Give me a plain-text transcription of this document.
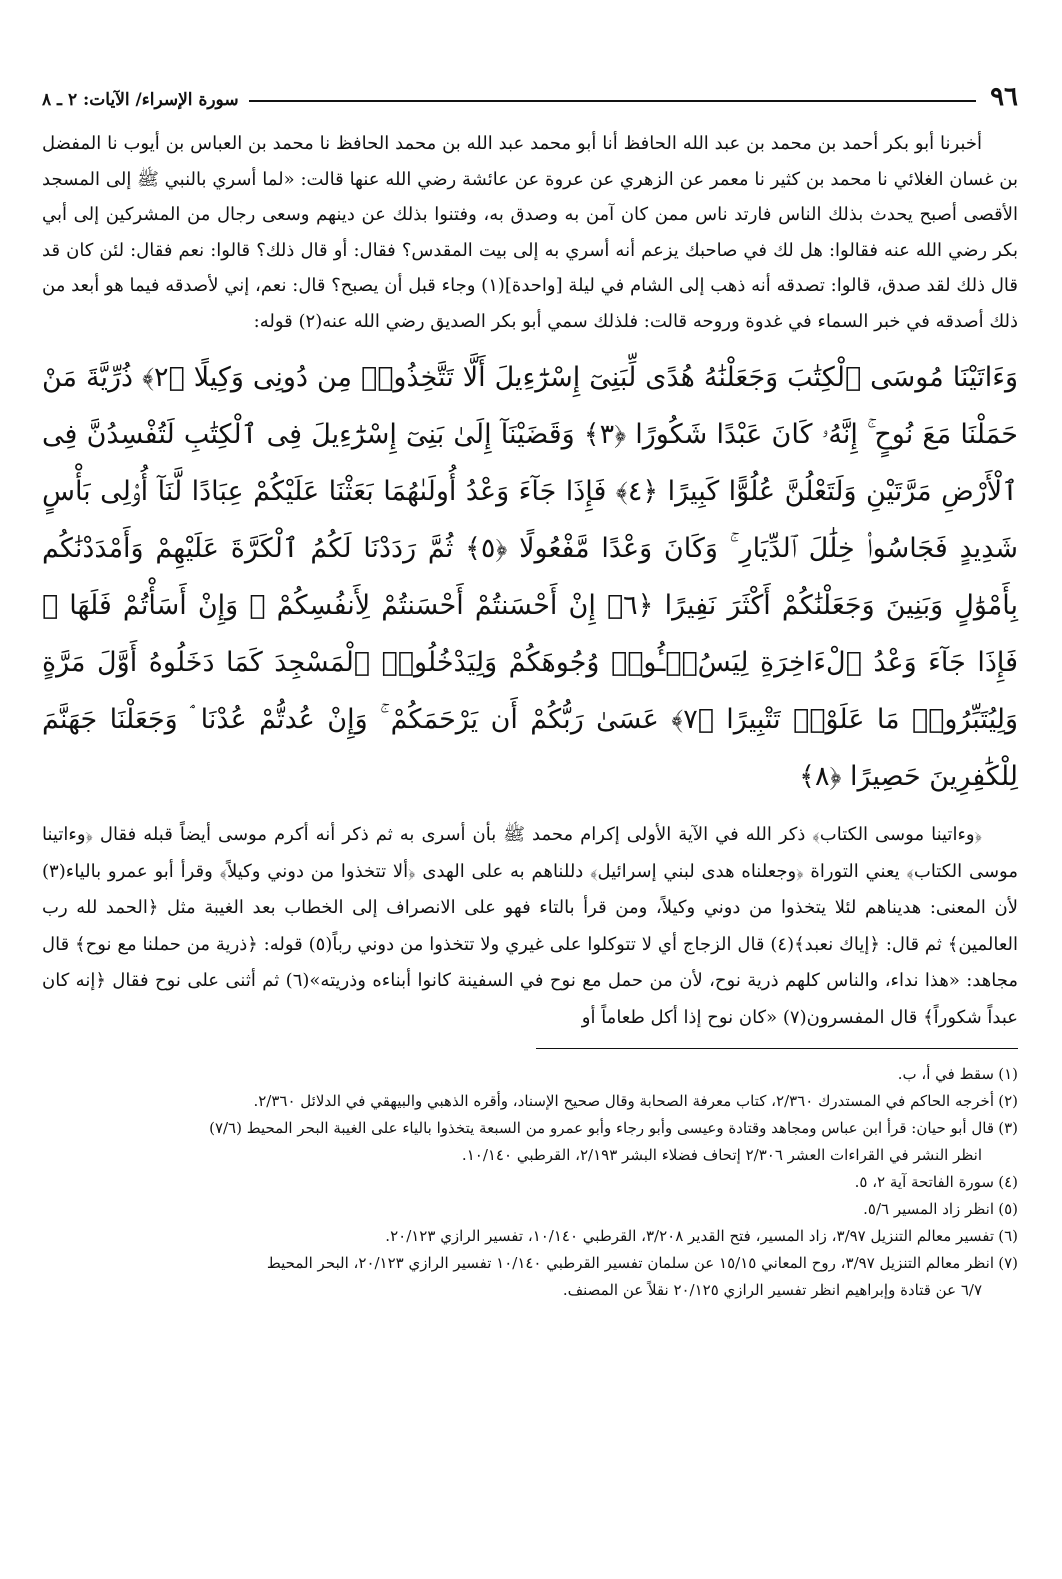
٩٦
سورة الإسراء/ الآيات: ٢ ـ ٨

أخبرنا أبو بكر أحمد بن محمد بن عبد الله الحافظ أنا أبو محمد عبد الله بن محمد الحافظ نا محمد بن العباس بن أيوب نا المفضل بن غسان الغلائي نا محمد بن كثير نا معمر عن الزهري عن عروة عن عائشة رضي الله عنها قالت: «لما أسري بالنبي ﷺ إلى المسجد الأقصى أصبح يحدث بذلك الناس فارتد ناس ممن كان آمن به وصدق به، وفتنوا بذلك عن دينهم وسعى رجال من المشركين إلى أبي بكر رضي الله عنه فقالوا: هل لك في صاحبك يزعم أنه أسري به إلى بيت المقدس؟ فقال: أو قال ذلك؟ قالوا: نعم فقال: لئن كان قد قال ذلك لقد صدق، قالوا: تصدقه أنه ذهب إلى الشام في ليلة [واحدة](١) وجاء قبل أن يصبح؟ قال: نعم، إني لأصدقه فيما هو أبعد من ذلك أصدقه في خبر السماء في غدوة وروحه قالت: فلذلك سمي أبو بكر الصديق رضي الله عنه(٢) قوله:

وَءَاتَيْنَا مُوسَى ٱلْكِتَٰبَ وَجَعَلْنَٰهُ هُدًى لِّبَنِىٓ إِسْرَٰٓءِيلَ أَلَّا تَتَّخِذُوا۟ مِن دُونِى وَكِيلًا ﴿٢﴾ ذُرِّيَّةَ مَنْ حَمَلْنَا مَعَ نُوحٍ ۚ إِنَّهُۥ كَانَ عَبْدًا شَكُورًا ﴿٣﴾ وَقَضَيْنَآ إِلَىٰ بَنِىٓ إِسْرَٰٓءِيلَ فِى ٱلْكِتَٰبِ لَتُفْسِدُنَّ فِى ٱلْأَرْضِ مَرَّتَيْنِ وَلَتَعْلُنَّ عُلُوًّا كَبِيرًا ﴿٤﴾ فَإِذَا جَآءَ وَعْدُ أُولَىٰهُمَا بَعَثْنَا عَلَيْكُمْ عِبَادًا لَّنَآ أُو۟لِى بَأْسٍ شَدِيدٍ فَجَاسُوا۟ خِلَٰلَ ٱلدِّيَارِ ۚ وَكَانَ وَعْدًا مَّفْعُولًا ﴿٥﴾ ثُمَّ رَدَدْنَا لَكُمُ ٱلْكَرَّةَ عَلَيْهِمْ وَأَمْدَدْنَٰكُم بِأَمْوَٰلٍ وَبَنِينَ وَجَعَلْنَٰكُمْ أَكْثَرَ نَفِيرًا ﴿٦﴾ إِنْ أَحْسَنتُمْ أَحْسَنتُمْ لِأَنفُسِكُمْ ۖ وَإِنْ أَسَأْتُمْ فَلَهَا ۚ فَإِذَا جَآءَ وَعْدُ ٱلْءَاخِرَةِ لِيَسُۥٓـُٔوا۟ وُجُوهَكُمْ وَلِيَدْخُلُوا۟ ٱلْمَسْجِدَ كَمَا دَخَلُوهُ أَوَّلَ مَرَّةٍ وَلِيُتَبِّرُوا۟ مَا عَلَوْا۟ تَتْبِيرًا ﴿٧﴾ عَسَىٰ رَبُّكُمْ أَن يَرْحَمَكُمْ ۚ وَإِنْ عُدتُّمْ عُدْنَا ۘ وَجَعَلْنَا جَهَنَّمَ لِلْكَٰفِرِينَ حَصِيرًا ﴿٨﴾

﴿وءاتينا موسى الكتاب﴾ ذكر الله في الآية الأولى إكرام محمد ﷺ بأن أسرى به ثم ذكر أنه أكرم موسى أيضاً قبله فقال ﴿وءاتينا موسى الكتاب﴾ يعني التوراة ﴿وجعلناه هدى لبني إسرائيل﴾ دللناهم به على الهدى ﴿ألا تتخذوا من دوني وكيلاً﴾ وقرأ أبو عمرو بالياء(٣) لأن المعنى: هديناهم لئلا يتخذوا من دوني وكيلاً، ومن قرأ بالتاء فهو على الانصراف إلى الخطاب بعد الغيبة مثل ﴿الحمد لله رب العالمين﴾ ثم قال: ﴿إياك نعبد﴾(٤) قال الزجاج أي لا تتوكلوا على غيري ولا تتخذوا من دوني رباً(٥) قوله: ﴿ذرية من حملنا مع نوح﴾ قال مجاهد: «هذا نداء، والناس كلهم ذرية نوح، لأن من حمل مع نوح في السفينة كانوا أبناءه وذريته»(٦) ثم أثنى على نوح فقال ﴿إنه كان عبداً شكوراً﴾ قال المفسرون(٧) «كان نوح إذا أكل طعاماً أو

(١)
سقط في أ، ب.
(٢)
أخرجه الحاكم في المستدرك ٢/٣٦٠، كتاب معرفة الصحابة وقال صحيح الإسناد، وأقره الذهبي والبيهقي في الدلائل ٢/٣٦٠.
(٣)
قال أبو حيان: قرأ ابن عباس ومجاهد وقتادة وعيسى وأبو رجاء وأبو عمرو من السبعة يتخذوا بالياء على الغيبة البحر المحيط (٧/٦)
انظر النشر في القراءات العشر ٢/٣٠٦ إتحاف فضلاء البشر ٢/١٩٣، القرطبي ١٠/١٤٠.
(٤)
سورة الفاتحة آية ٢، ٥.
(٥)
انظر زاد المسير ٥/٦.
(٦)
تفسير معالم التنزيل ٣/٩٧، زاد المسير، فتح القدير ٣/٢٠٨، القرطبي ١٠/١٤٠، تفسير الرازي ٢٠/١٢٣.
(٧)
انظر معالم التنزيل ٣/٩٧، روح المعاني ١٥/١٥ عن سلمان تفسير القرطبي ١٠/١٤٠ تفسير الرازي ٢٠/١٢٣، البحر المحيط
٦/٧ عن قتادة وإبراهيم انظر تفسير الرازي ٢٠/١٢٥ نقلاً عن المصنف.
